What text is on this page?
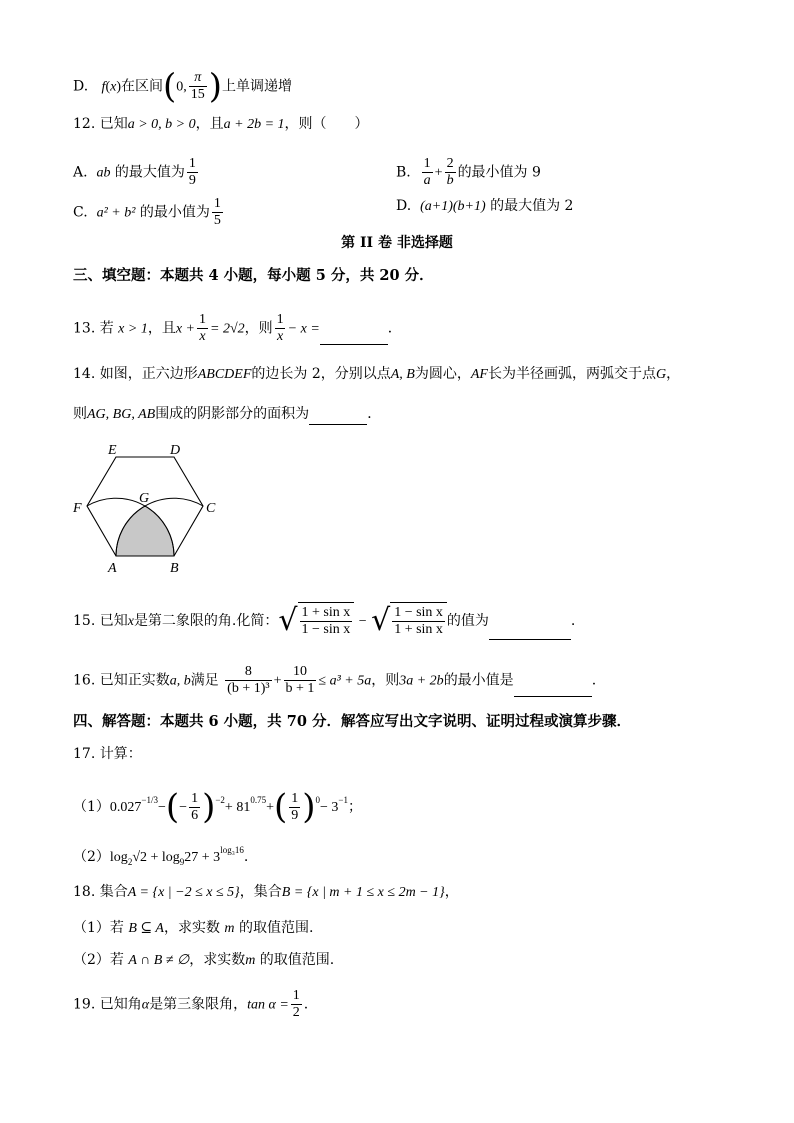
D. f(x)在区间(0, $\frac{\pi}{15}$ )上单调递增
12. 已知a > 0, b > 0，且a + 2b = 1，则（　　）
A. ab 的最大值为 $\frac{1}{9}$	B. $\frac{1}{a} + \frac{2}{b}$ 的最小值为 9
C. a² + b² 的最小值为 $\frac{1}{5}$	D. (a+1)(b+1) 的最大值为 2
第 II 卷 非选择题
三、填空题：本题共 4 小题，每小题 5 分，共 20 分．
13. 若 x > 1，且$x + \frac{1}{x} = 2√2$，则 $\frac{1}{x} - x$ =	．
14. 如图，正六边形ABCDEF的边长为 2，分别以点A, B为圆心，AF长为半径画弧，两弧交于点G，
则AG, BG, AB围成的阴影部分的面积为	．
E	D
F
G
C
A	B
15. 已知x是第二象限的角.化简： √ $\frac{\text{1 + sin x}}{\text{1 − sin x}}$ − √ $\frac{\text{1 − sin x}}{\text{1 + sin x}}$ 的值为	.
16. 已知正实数a, b满足 $\frac{8}{\text{(b + 1)³}} + \frac{10}{b + 1} \le a^3 + 5a$，则3a + 2b的最小值是	.
四、解答题：本题共 6 小题，共 70 分．解答应写出文字说明、证明过程或演算步骤．
17. 计算：
$(1)0.027^{-1/3}-(- \frac{1}{6} )^{-2}+ 81^{0.75}+( \frac{1}{9} )^0- 3^{-1}$；
$(2)\log_2√2 + \log_927 + 3^{log_316}$.
18. 集合A = {x | −2 ≤ x ≤ 5}，集合B = {x | m + 1 ≤ x ≤ 2m − 1}，
（1）若 B ⊆ A，求实数 m 的取值范围.
（2）若 A ∩ B ≠ ∅，求实数m 的取值范围.
19. 已知角α是第三象限角，$\tan \alpha = \frac{1}{2}$ .
